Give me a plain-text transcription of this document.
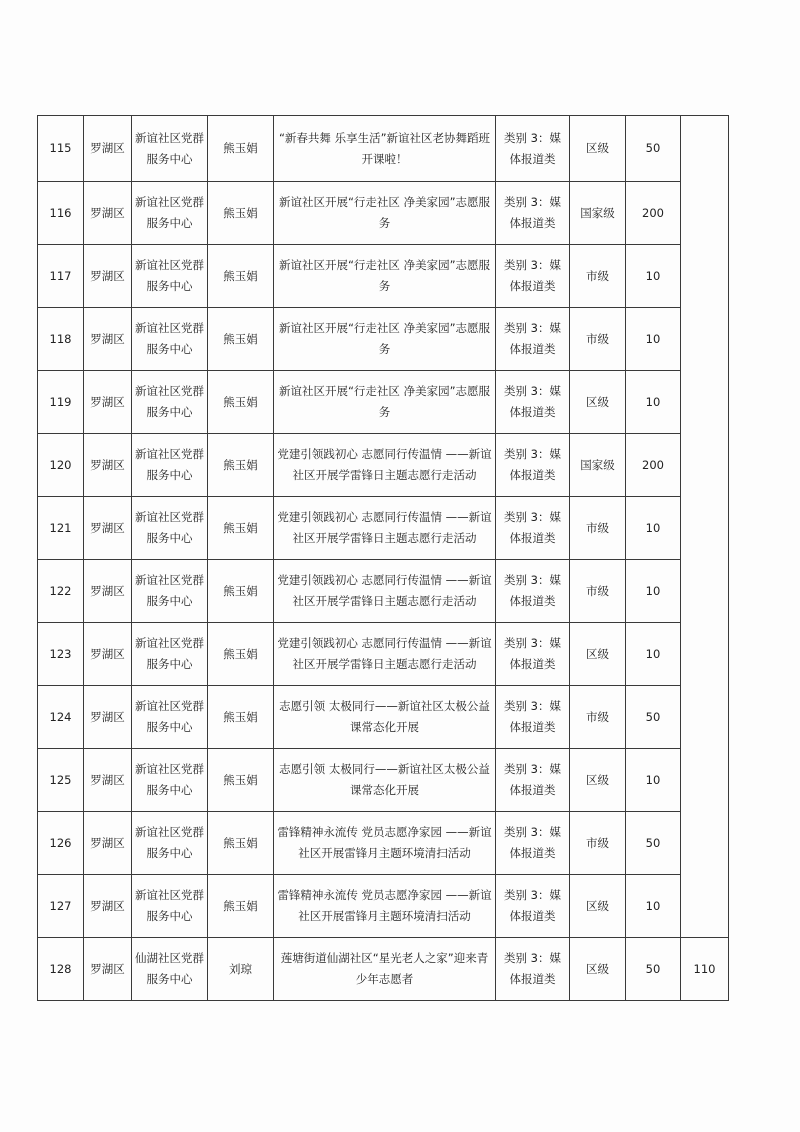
115	罗湖区	新谊社区党群服务中心	熊玉娟	“新春共舞 乐享生活”新谊社区老协舞蹈班开课啦！	类别 3：媒体报道类	区级	50	
116	罗湖区	新谊社区党群服务中心	熊玉娟	新谊社区开展“行走社区 净美家园”志愿服务	类别 3：媒体报道类	国家级	200	
117	罗湖区	新谊社区党群服务中心	熊玉娟	新谊社区开展“行走社区 净美家园”志愿服务	类别 3：媒体报道类	市级	10	
118	罗湖区	新谊社区党群服务中心	熊玉娟	新谊社区开展“行走社区 净美家园”志愿服务	类别 3：媒体报道类	市级	10	
119	罗湖区	新谊社区党群服务中心	熊玉娟	新谊社区开展“行走社区 净美家园”志愿服务	类别 3：媒体报道类	区级	10	
120	罗湖区	新谊社区党群服务中心	熊玉娟	党建引领践初心 志愿同行传温情 ——新谊社区开展学雷锋日主题志愿行走活动	类别 3：媒体报道类	国家级	200	
121	罗湖区	新谊社区党群服务中心	熊玉娟	党建引领践初心 志愿同行传温情 ——新谊社区开展学雷锋日主题志愿行走活动	类别 3：媒体报道类	市级	10	
122	罗湖区	新谊社区党群服务中心	熊玉娟	党建引领践初心 志愿同行传温情 ——新谊社区开展学雷锋日主题志愿行走活动	类别 3：媒体报道类	市级	10	
123	罗湖区	新谊社区党群服务中心	熊玉娟	党建引领践初心 志愿同行传温情 ——新谊社区开展学雷锋日主题志愿行走活动	类别 3：媒体报道类	区级	10	
124	罗湖区	新谊社区党群服务中心	熊玉娟	志愿引领 太极同行——新谊社区太极公益课常态化开展	类别 3：媒体报道类	市级	50	
125	罗湖区	新谊社区党群服务中心	熊玉娟	志愿引领 太极同行——新谊社区太极公益课常态化开展	类别 3：媒体报道类	区级	10	
126	罗湖区	新谊社区党群服务中心	熊玉娟	雷锋精神永流传 党员志愿净家园 ——新谊社区开展雷锋月主题环境清扫活动	类别 3：媒体报道类	市级	50	
127	罗湖区	新谊社区党群服务中心	熊玉娟	雷锋精神永流传 党员志愿净家园 ——新谊社区开展雷锋月主题环境清扫活动	类别 3：媒体报道类	区级	10	
128	罗湖区	仙湖社区党群服务中心	刘琼	莲塘街道仙湖社区“星光老人之家”迎来青少年志愿者	类别 3：媒体报道类	区级	50	110
